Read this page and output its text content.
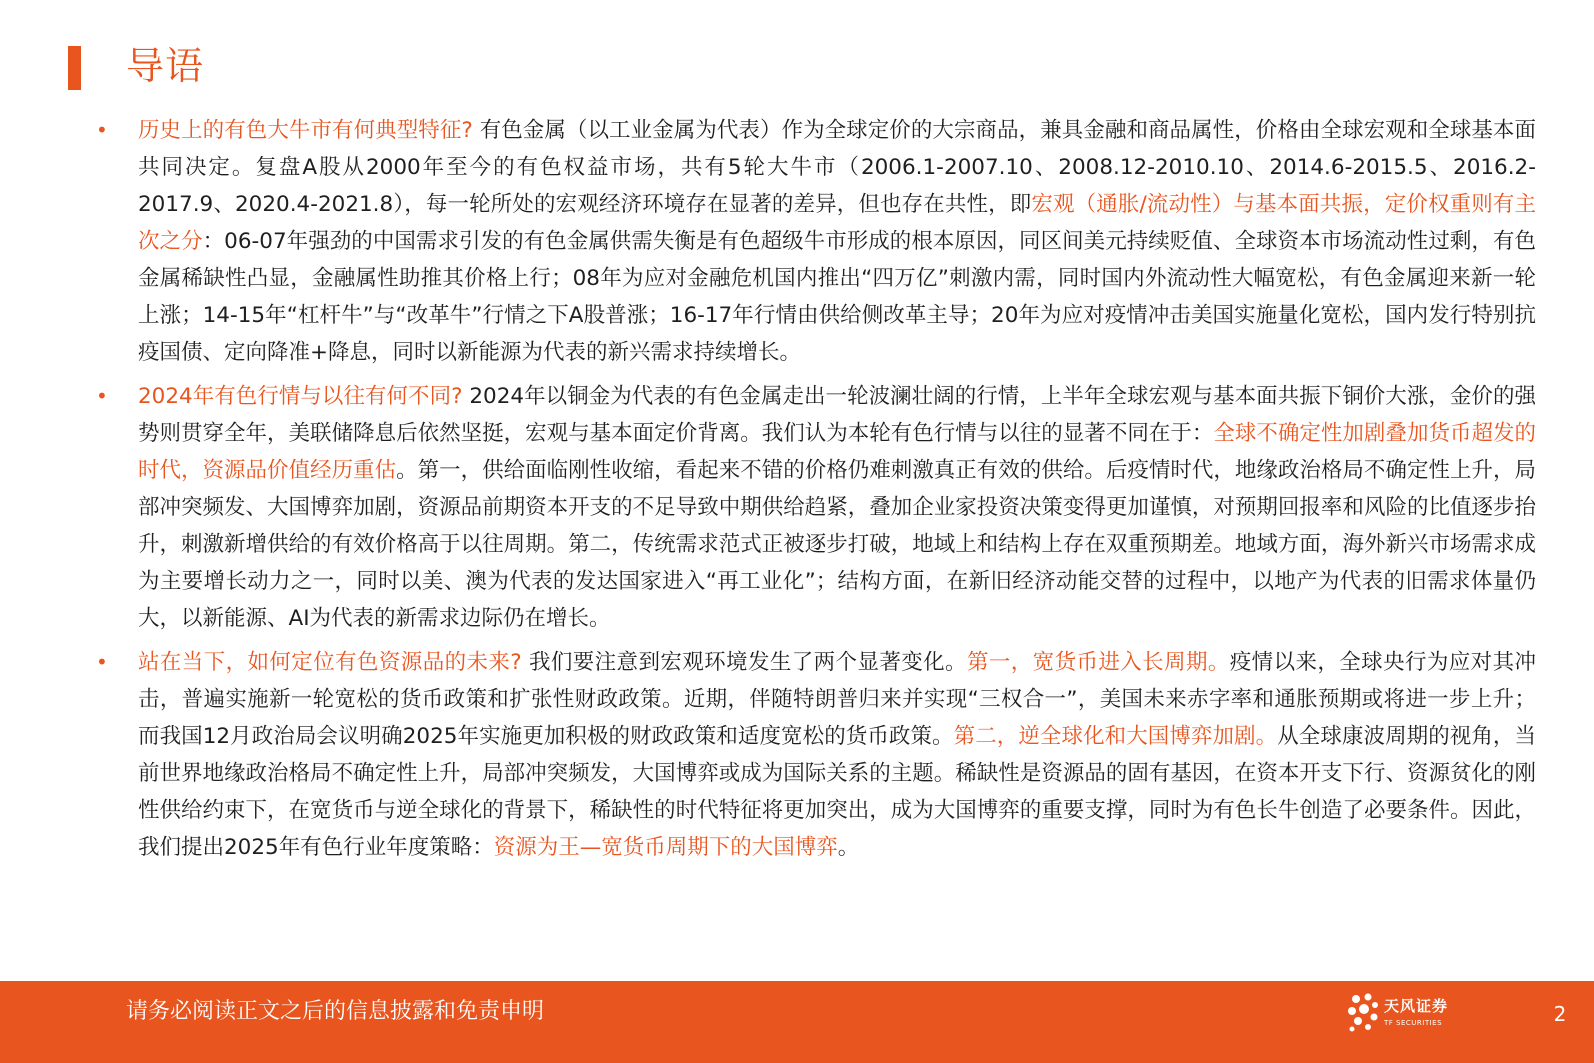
导语
•	历史上的有色大牛市有何典型特征? 有色金属（以工业金属为代表）作为全球定价的大宗商品，兼具金融和商品属性，价格由全球宏观和全球基本面共同决定。复盘A股从2000年至今的有色权益市场，共有5轮大牛市（2006.1-2007.10、2008.12-2010.10、2014.6-2015.5、2016.2-2017.9、2020.4-2021.8），每一轮所处的宏观经济环境存在显著的差异，但也存在共性，即宏观（通胀/流动性）与基本面共振，定价权重则有主次之分：06-07年强劲的中国需求引发的有色金属供需失衡是有色超级牛市形成的根本原因，同区间美元持续贬值、全球资本市场流动性过剩，有色金属稀缺性凸显，金融属性助推其价格上行；08年为应对金融危机国内推出“四万亿”刺激内需，同时国内外流动性大幅宽松，有色金属迎来新一轮上涨；14-15年“杠杆牛”与“改革牛”行情之下A股普涨；16-17年行情由供给侧改革主导；20年为应对疫情冲击美国实施量化宽松，国内发行特别抗疫国债、定向降准+降息，同时以新能源为代表的新兴需求持续增长。
•	2024年有色行情与以往有何不同? 2024年以铜金为代表的有色金属走出一轮波澜壮阔的行情，上半年全球宏观与基本面共振下铜价大涨，金价的强势则贯穿全年，美联储降息后依然坚挺，宏观与基本面定价背离。我们认为本轮有色行情与以往的显著不同在于：全球不确定性加剧叠加货币超发的时代，资源品价值经历重估。第一，供给面临刚性收缩，看起来不错的价格仍难刺激真正有效的供给。后疫情时代，地缘政治格局不确定性上升，局部冲突频发、大国博弈加剧，资源品前期资本开支的不足导致中期供给趋紧，叠加企业家投资决策变得更加谨慎，对预期回报率和风险的比值逐步抬升，刺激新增供给的有效价格高于以往周期。第二，传统需求范式正被逐步打破，地域上和结构上存在双重预期差。地域方面，海外新兴市场需求成为主要增长动力之一，同时以美、澳为代表的发达国家进入“再工业化”；结构方面，在新旧经济动能交替的过程中，以地产为代表的旧需求体量仍大，以新能源、AI为代表的新需求边际仍在增长。
•	站在当下，如何定位有色资源品的未来? 我们要注意到宏观环境发生了两个显著变化。第一，宽货币进入长周期。疫情以来，全球央行为应对其冲击，普遍实施新一轮宽松的货币政策和扩张性财政政策。近期，伴随特朗普归来并实现“三权合一”，美国未来赤字率和通胀预期或将进一步上升；而我国12月政治局会议明确2025年实施更加积极的财政政策和适度宽松的货币政策。第二，逆全球化和大国博弈加剧。从全球康波周期的视角，当前世界地缘政治格局不确定性上升，局部冲突频发，大国博弈或成为国际关系的主题。稀缺性是资源品的固有基因，在资本开支下行、资源贫化的刚性供给约束下，在宽货币与逆全球化的背景下，稀缺性的时代特征将更加突出，成为大国博弈的重要支撑，同时为有色长牛创造了必要条件。因此，我们提出2025年有色行业年度策略：资源为王—宽货币周期下的大国博弈。
请务必阅读正文之后的信息披露和免责申明	天风证券
TF SECURITIES	2
